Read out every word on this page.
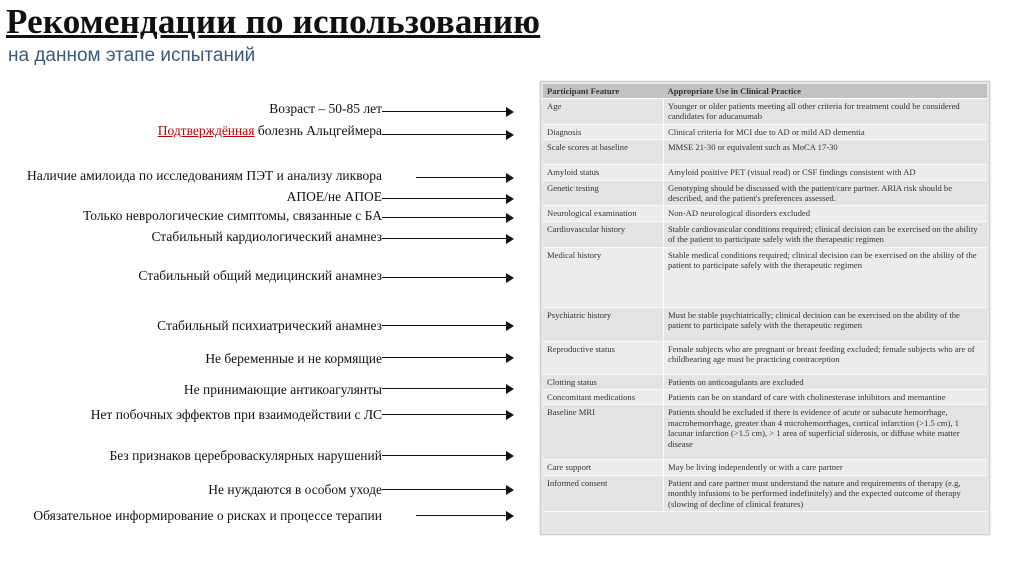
Рекомендации по использованию
на данном этапе испытаний
Возраст – 50-85 лет
Подтверждённая болезнь Альцгеймера
Наличие амилоида по исследованиям ПЭТ и анализу ликвора
АПОЕ/не АПОЕ
Только неврологические симптомы, связанные с БА
Стабильный кардиологический анамнез
Стабильный общий медицинский анамнез
Стабильный психиатрический анамнез
Не беременные и не кормящие
Не принимающие антикоагулянты
Нет побочных эффектов при взаимодействии с ЛС
Без признаков цереброваскулярных нарушений
Не нуждаются в особом уходе
Обязательное информирование о рисках и процессе терапии
Participant Feature	Appropriate Use in Clinical Practice
Age	Younger or older patients meeting all other criteria for treatment could be considered candidates for aducanumab
Diagnosis	Clinical criteria for MCI due to AD or mild AD dementia
Scale scores at baseline	MMSE 21-30 or equivalent such as MoCA 17-30
Amyloid status	Amyloid positive PET (visual read) or CSF findings consistent with AD
Genetic testing	Genotyping should be discussed with the patient/care partner. ARIA risk should be described, and the patient's preferences assessed.
Neurological examination	Non-AD neurological disorders excluded
Cardiovascular history	Stable cardiovascular conditions required; clinical decision can be exercised on the ability of the patient to participate safely with the therapeutic regimen
Medical history	Stable medical conditions required; clinical decision can be exercised on the ability of the patient to participate safely with the therapeutic regimen
Psychiatric history	Must be stable psychiatrically; clinical decision can be exercised on the ability of the patient to participate safely with the therapeutic regimen
Reproductive status	Female subjects who are pregnant or breast feeding excluded; female subjects who are of childbearing age must be practicing contraception
Clotting status	Patients on anticoagulants are excluded
Concomitant medications	Patients can be on standard of care with cholinesterase inhibitors and memantine
Baseline MRI	Patients should be excluded if there is evidence of acute or subacute hemorrhage, macrohemorrhage, greater than 4 microhemorrhages, cortical infarction (>1.5 cm), 1 lacunar infarction (>1.5 cm), > 1 area of superficial siderosis, or diffuse white matter disease
Care support	May be living independently or with a care partner
Informed consent	Patient and care partner must understand the nature and requirements of therapy (e.g, monthly infusions to be performed indefinitely) and the expected outcome of therapy (slowing of decline of clinical features)
